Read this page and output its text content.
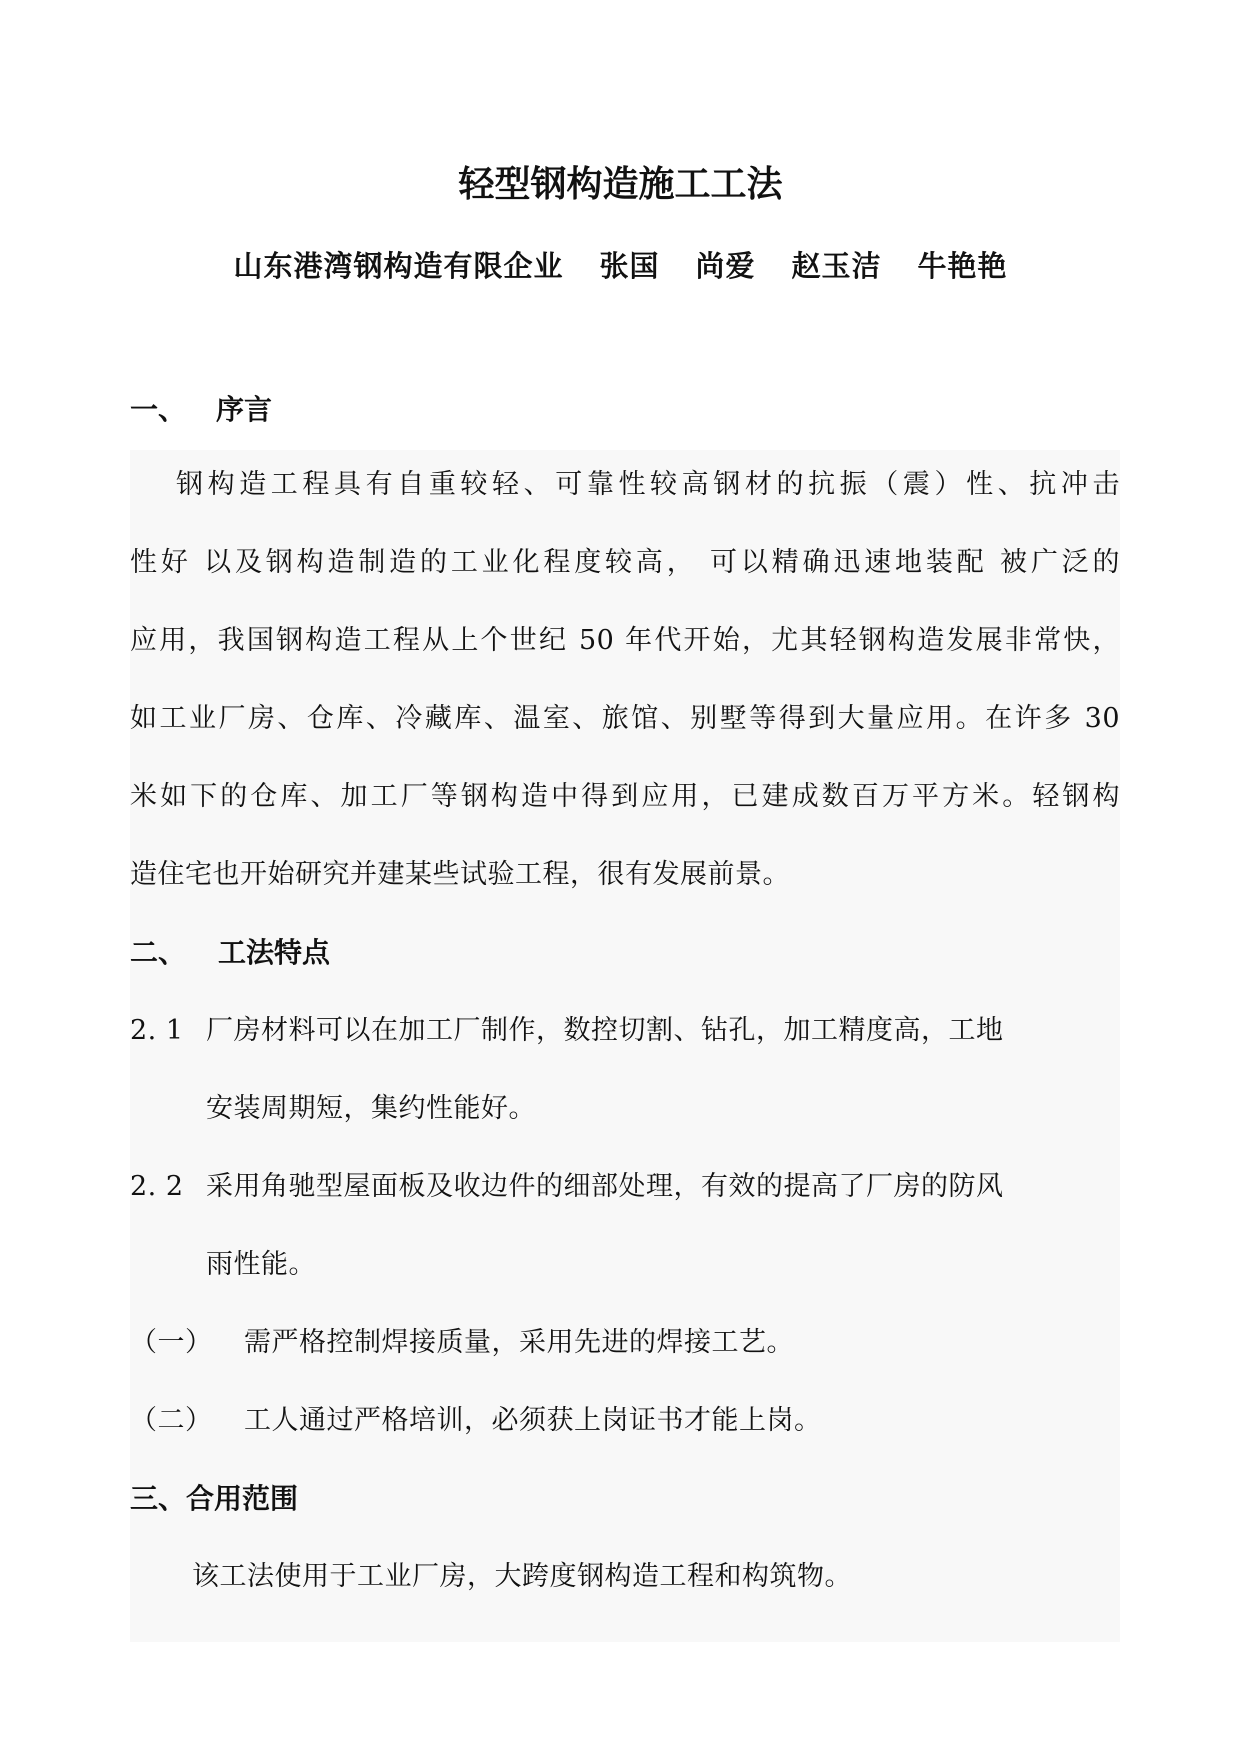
轻型钢构造施工工法
山东港湾钢构造有限企业 张国 尚爱 赵玉洁 牛艳艳
一、 序言
钢构造工程具有自重较轻、可靠性较高钢材的抗振（震）性、抗冲击
性好 以及钢构造制造的工业化程度较高， 可以精确迅速地装配 被广泛的
应用，我国钢构造工程从上个世纪 50 年代开始，尤其轻钢构造发展非常快，
如工业厂房、仓库、冷藏库、温室、旅馆、别墅等得到大量应用。在许多 30
米如下的仓库、加工厂等钢构造中得到应用，已建成数百万平方米。轻钢构
造住宅也开始研究并建某些试验工程，很有发展前景。
二、 工法特点
2. 1 厂房材料可以在加工厂制作，数控切割、钻孔，加工精度高，工地
安装周期短，集约性能好。
2. 2 采用角驰型屋面板及收边件的细部处理，有效的提高了厂房的防风
雨性能。
（一） 需严格控制焊接质量，采用先进的焊接工艺。
（二） 工人通过严格培训，必须获上岗证书才能上岗。
三、合用范围
该工法使用于工业厂房，大跨度钢构造工程和构筑物。
